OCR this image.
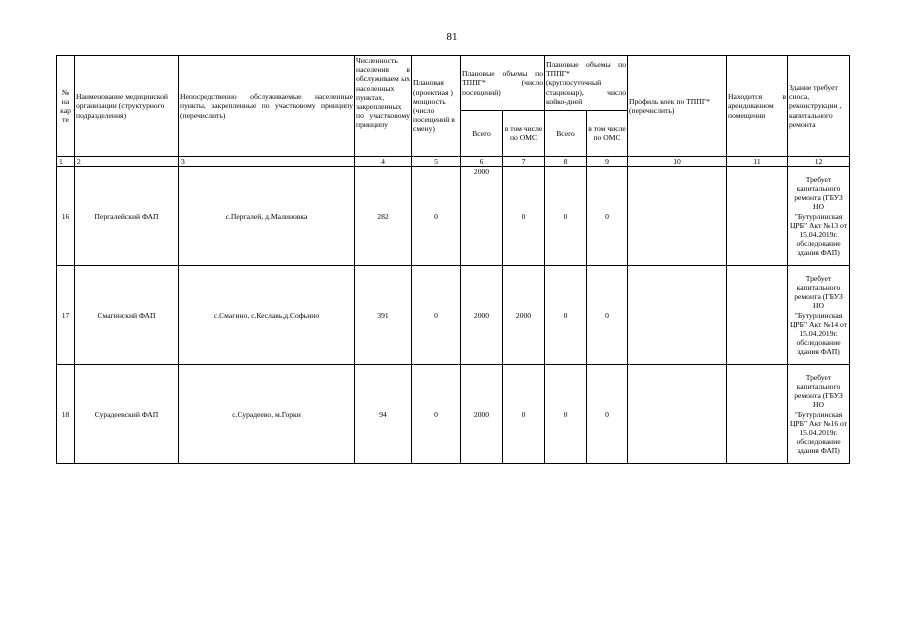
81
№ на кар те	Наименование медицинской организации (структурного подразделения)	Непосредственно обслуживаемые населенные пункты, закрепленные по участковому принципу (перечислить)	Численность населения в обслуживаем ых населенных пунктах, закрепленных по участковому принципу	Плановая (проектная ) мощность (число посещений в смену)	Плановые объемы по ТППГ* (число посещений)		Плановые объемы по ТППГ* (круглосуточный стационар), число койко-дней		Профиль коек по ТППГ* (перечислить)	Находится в арендованном помещении	Здание требует сноса, реконструкции , капитального ремонта
					Всего	в том числе по ОМС	Всего	в том числе по ОМС			
1	2	3	4	5	6	7	8	9	10	11	12
16	Пергалейский ФАП	с.Пергалей, д.Малиновка	282	0	2000	0	0	0			Требует капитального ремонта (ГБУЗ НО "Бутурлинская ЦРБ" Акт №13 от 15.04.2019г. обследование здания ФАП)
17	Смагинский ФАП	с.Смагино, с.Кеславь,д.Софьино	391	0	2000	2000	0	0			Требует капитального ремонта (ГБУЗ НО "Бутурлинская ЦРБ" Акт №14 от 15.04.2019г. обследование здания ФАП)
18	Сурадеевский ФАП	с.Сурадеево, м.Горки	94	0	2000	0	0	0			Требует капитального ремонта (ГБУЗ НО "Бутурлинская ЦРБ" Акт №16 от 15.04.2019г. обследование здания ФАП)
